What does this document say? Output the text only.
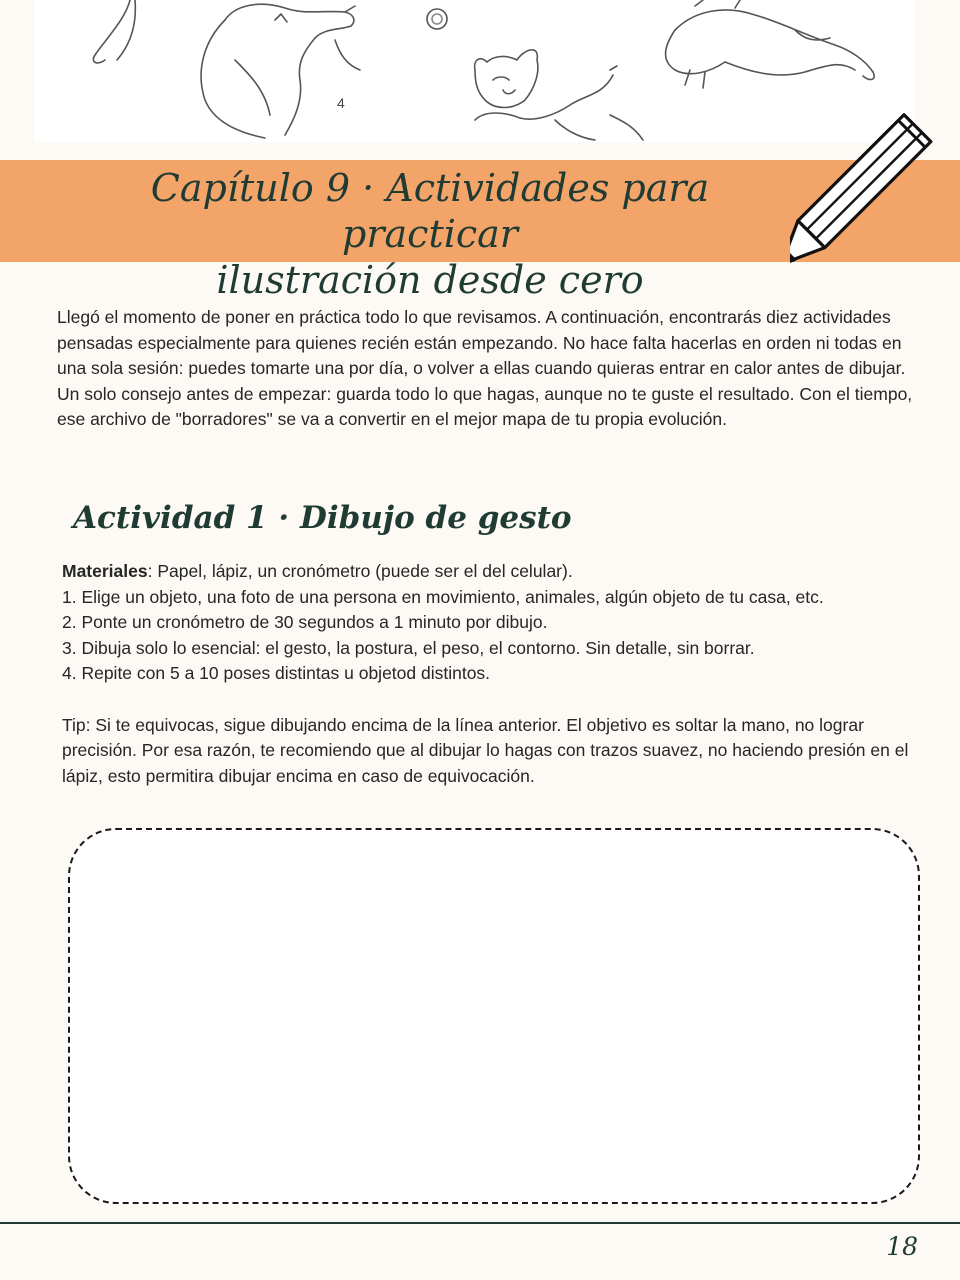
4
Capítulo 9 · Actividades para practicar
ilustración desde cero

Llegó el momento de poner en práctica todo lo que revisamos. A continuación, encontrarás diez actividades pensadas especialmente para quienes recién están empezando. No hace falta hacerlas en orden ni todas en una sola sesión: puedes tomarte una por día, o volver a ellas cuando quieras entrar en calor antes de dibujar.

Un solo consejo antes de empezar: guarda todo lo que hagas, aunque no te guste el resultado. Con el tiempo, ese archivo de "borradores" se va a convertir en el mejor mapa de tu propia evolución.

Actividad 1 · Dibujo de gesto

Materiales: Papel, lápiz, un cronómetro (puede ser el del celular).

1. Elige un objeto, una foto de una persona en movimiento, animales, algún objeto de tu casa, etc.

2. Ponte un cronómetro de 30 segundos a 1 minuto por dibujo.

3. Dibuja solo lo esencial: el gesto, la postura, el peso, el contorno. Sin detalle, sin borrar.

4. Repite con 5 a 10 poses distintas u objetod distintos.

Tip: Si te equivocas, sigue dibujando encima de la línea anterior. El objetivo es soltar la mano, no lograr precisión. Por esa razón, te recomiendo que al dibujar lo hagas con trazos suavez, no haciendo presión en el lápiz, esto permitira dibujar encima en caso de equivocación.

18
